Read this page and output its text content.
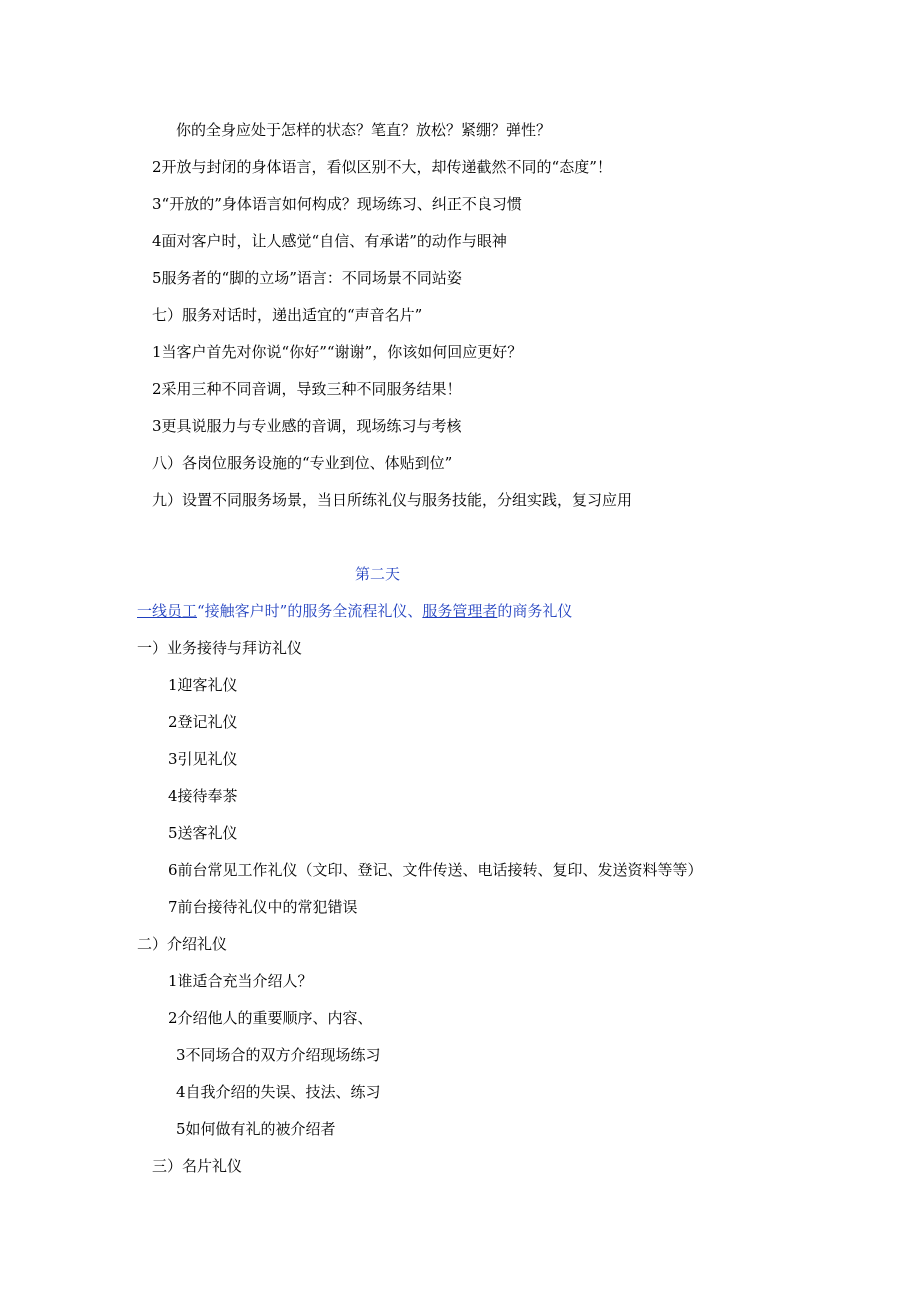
你的全身应处于怎样的状态？笔直？放松？紧绷？弹性？
2开放与封闭的身体语言，看似区别不大，却传递截然不同的“态度”！
3“开放的”身体语言如何构成？现场练习、纠正不良习惯
4面对客户时，让人感觉“自信、有承诺”的动作与眼神
5服务者的“脚的立场”语言：不同场景不同站姿
七）服务对话时，递出适宜的“声音名片”
1当客户首先对你说“你好”“谢谢”，你该如何回应更好？
2采用三种不同音调，导致三种不同服务结果！
3更具说服力与专业感的音调，现场练习与考核
八）各岗位服务设施的“专业到位、体贴到位”
九）设置不同服务场景，当日所练礼仪与服务技能，分组实践，复习应用
第二天
一线员工“接触客户时”的服务全流程礼仪、服务管理者的商务礼仪
一）业务接待与拜访礼仪
1迎客礼仪
2登记礼仪
3引见礼仪
4接待奉茶
5送客礼仪
6前台常见工作礼仪（文印、登记、文件传送、电话接转、复印、发送资料等等）
7前台接待礼仪中的常犯错误
二）介绍礼仪
1谁适合充当介绍人？
2介绍他人的重要顺序、内容、
3不同场合的双方介绍现场练习
4自我介绍的失误、技法、练习
5如何做有礼的被介绍者
三）名片礼仪
